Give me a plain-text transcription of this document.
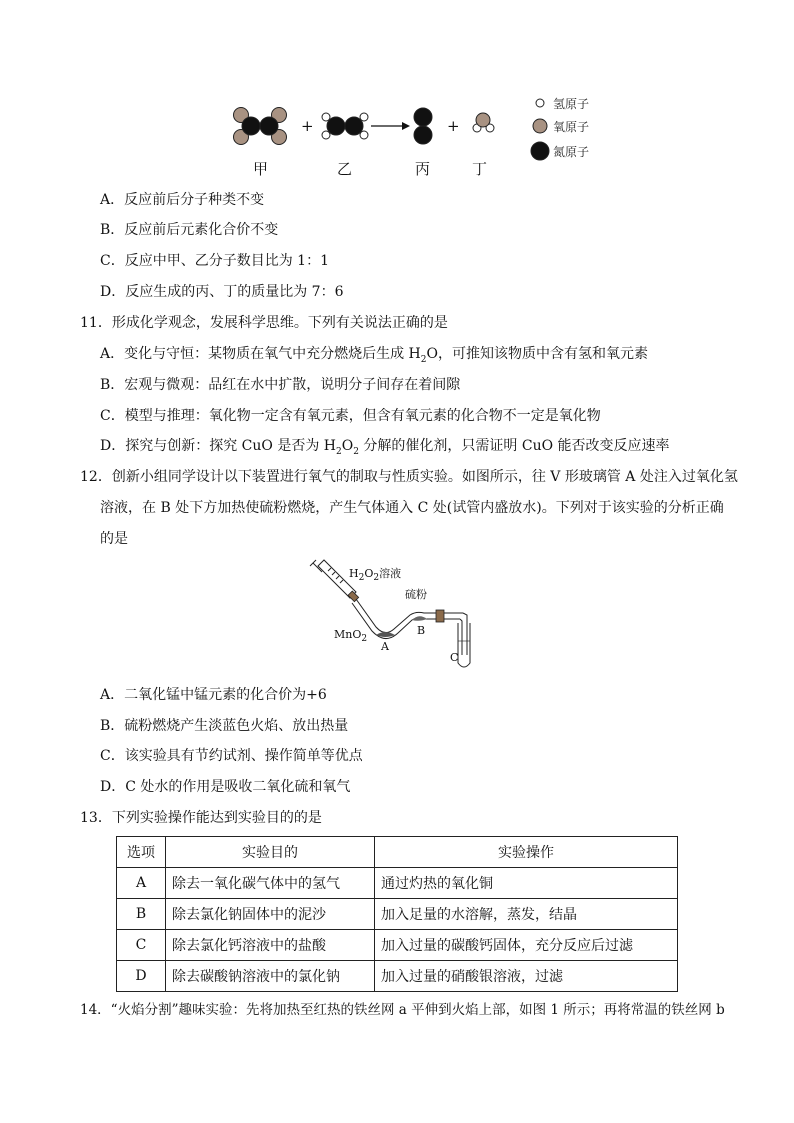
+	+
甲	乙	丙	丁
氢原子
氧原子
氮原子
A．反应前后分子种类不变
B．反应前后元素化合价不变
C．反应中甲、乙分子数目比为 1：1
D．反应生成的丙、丁的质量比为 7：6
11．形成化学观念，发展科学思维。下列有关说法正确的是
A．变化与守恒：某物质在氧气中充分燃烧后生成 $H_2O$，可推知该物质中含有氢和氧元素
B．宏观与微观：品红在水中扩散，说明分子间存在着间隙
C．模型与推理：氧化物一定含有氧元素，但含有氧元素的化合物不一定是氧化物
D．探究与创新：探究 CuO 是否为 $H_2O_2$ 分解的催化剂，只需证明 CuO 能否改变反应速率
12．创新小组同学设计以下装置进行氧气的制取与性质实验。如图所示，往 V 形玻璃管 A 处注入过氧化氢
溶液，在 B 处下方加热使硫粉燃烧，产生气体通入 C 处(试管内盛放水)。下列对于该实验的分析正确
的是
$H_2O_2$溶液
硫粉
MnO$_2$
B
A
C
A．二氧化锰中锰元素的化合价为+6
B．硫粉燃烧产生淡蓝色火焰、放出热量
C．该实验具有节约试剂、操作简单等优点
D．C 处水的作用是吸收二氧化硫和氧气
13．下列实验操作能达到实验目的的是
选项	实验目的	实验操作
A	除去一氧化碳气体中的氢气	通过灼热的氧化铜
B	除去氯化钠固体中的泥沙	加入足量的水溶解，蒸发，结晶
C	除去氯化钙溶液中的盐酸	加入过量的碳酸钙固体，充分反应后过滤
D	除去碳酸钠溶液中的氯化钠	加入过量的硝酸银溶液，过滤
14．“火焰分割”趣味实验：先将加热至红热的铁丝网 a 平伸到火焰上部，如图 1 所示；再将常温的铁丝网 b
